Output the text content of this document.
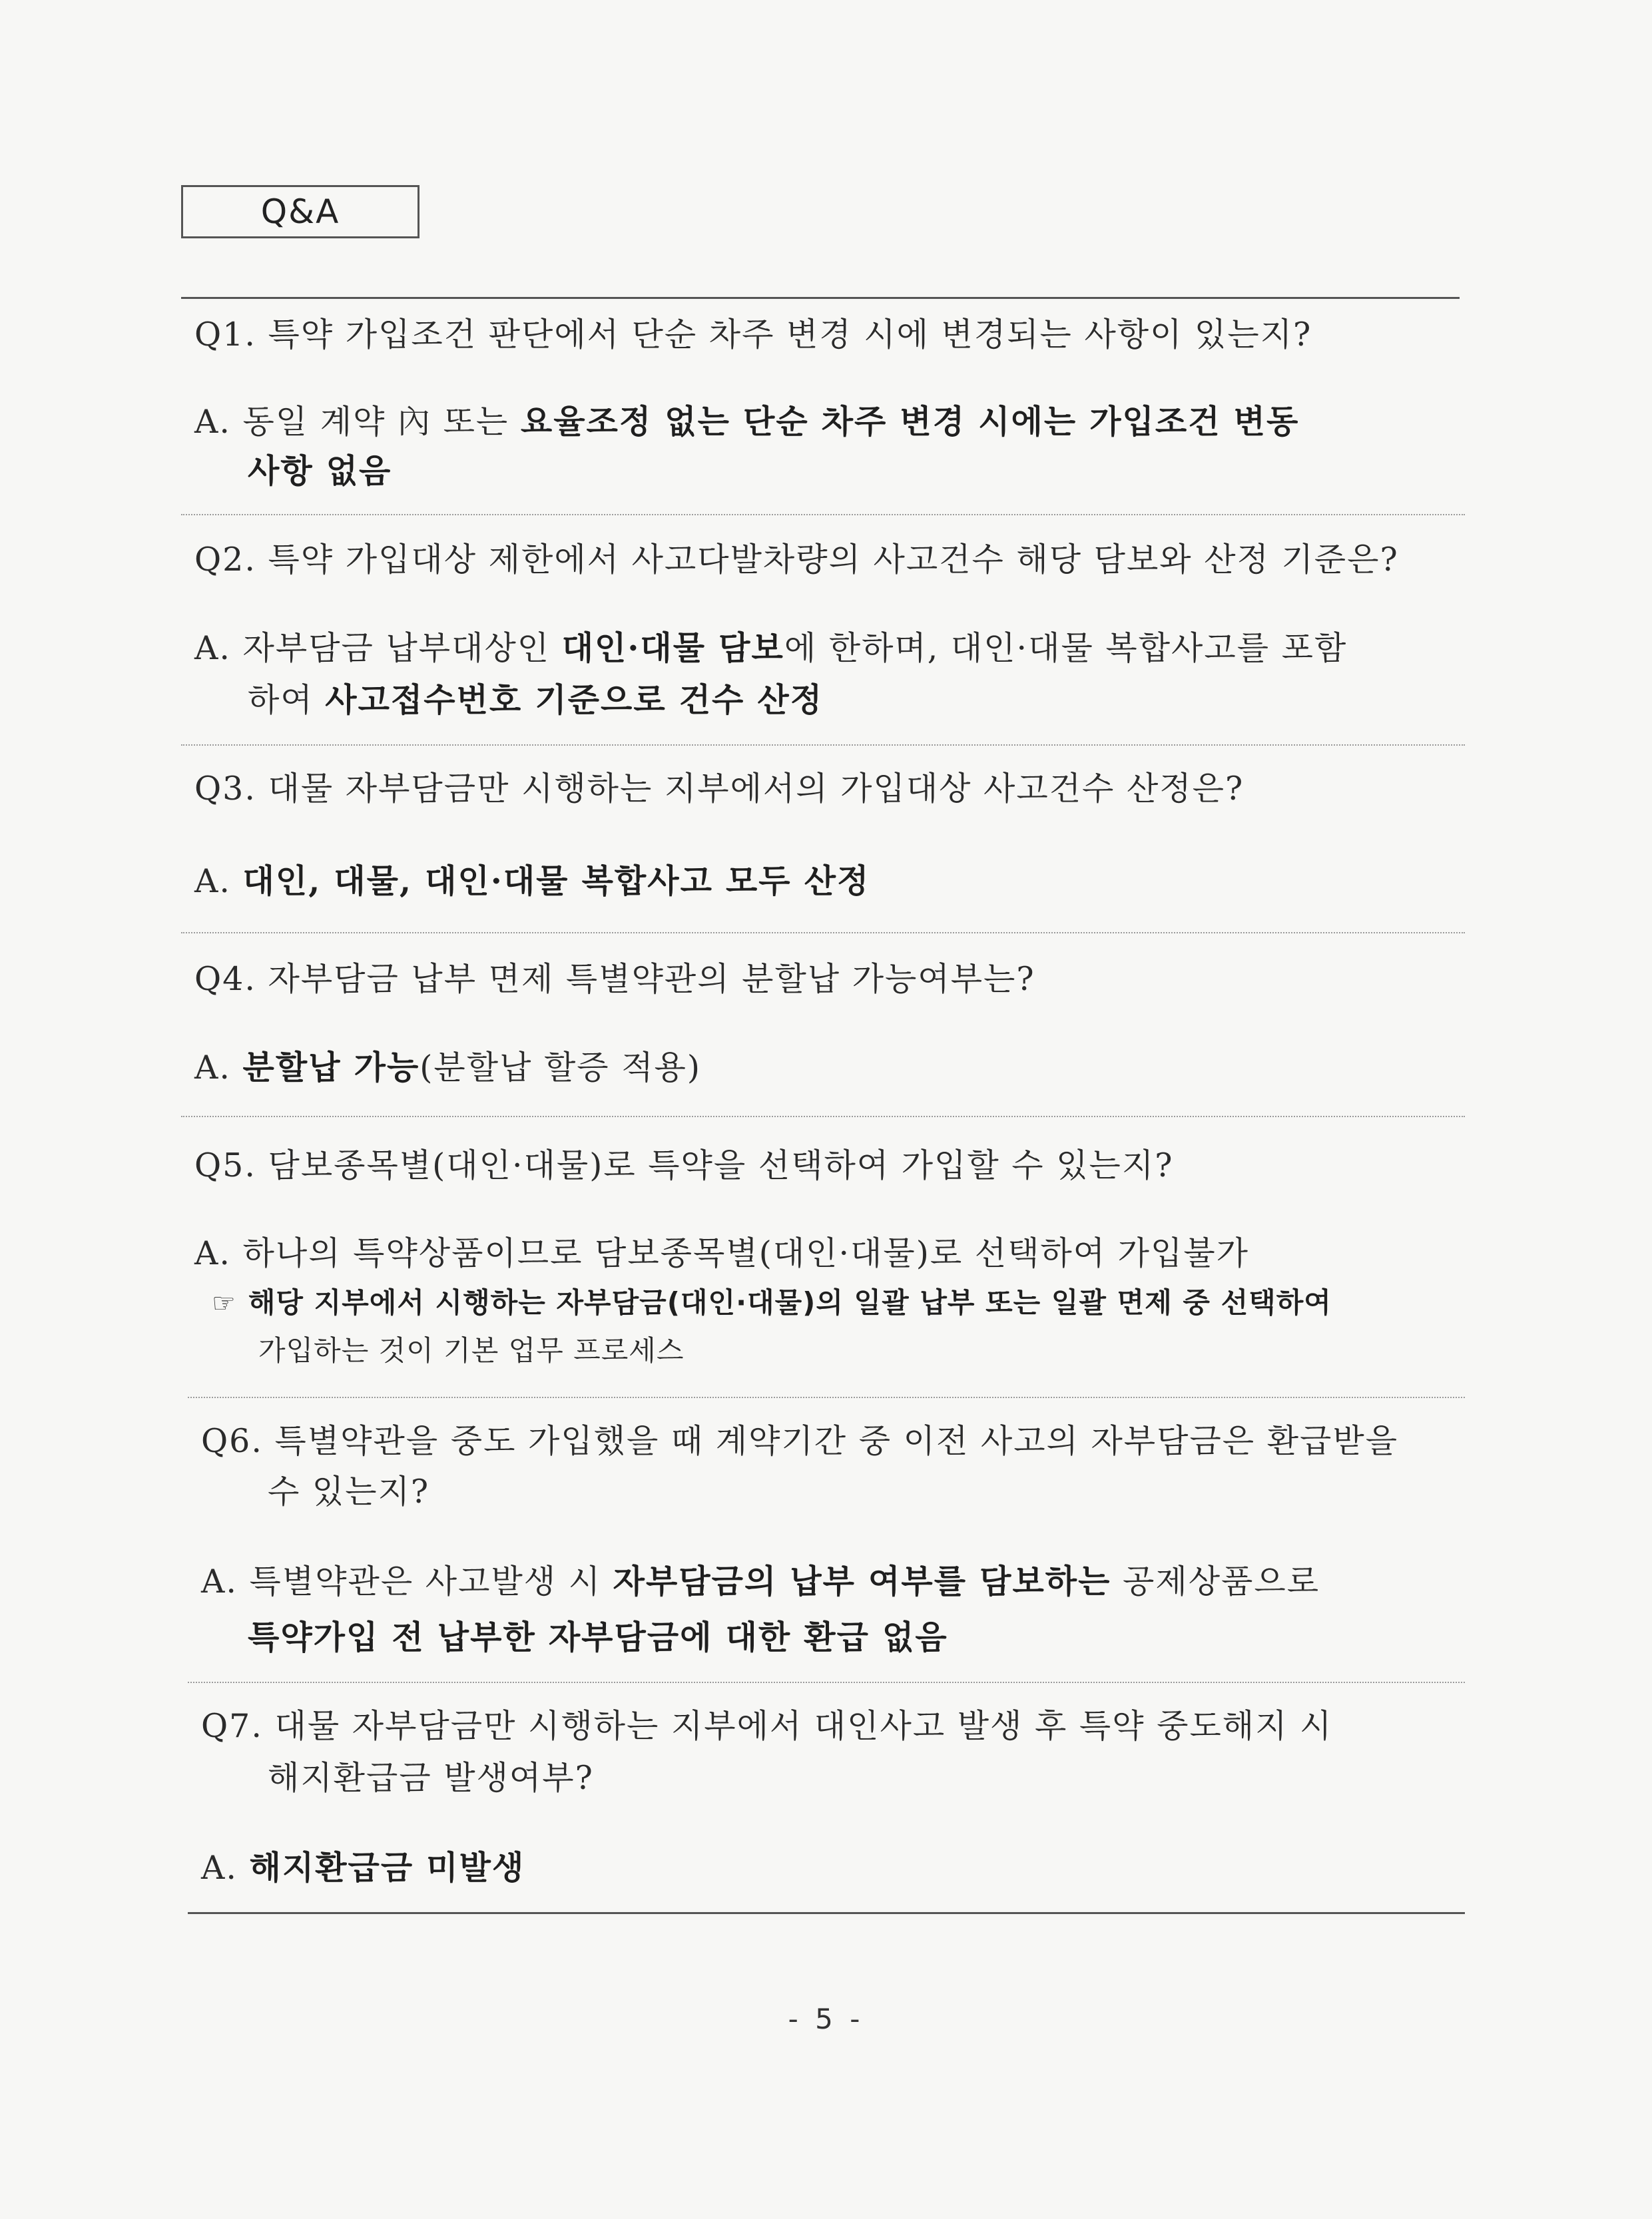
Q&A
Q1. 특약 가입조건 판단에서 단순 차주 변경 시에 변경되는 사항이 있는지?
A. 동일 계약 內 또는 요율조정 없는 단순 차주 변경 시에는 가입조건 변동
사항 없음
Q2. 특약 가입대상 제한에서 사고다발차량의 사고건수 해당 담보와 산정 기준은?
A. 자부담금 납부대상인 대인·대물 담보에 한하며, 대인·대물 복합사고를 포함
하여 사고접수번호 기준으로 건수 산정
Q3. 대물 자부담금만 시행하는 지부에서의 가입대상 사고건수 산정은?
A. 대인, 대물, 대인·대물 복합사고 모두 산정
Q4. 자부담금 납부 면제 특별약관의 분할납 가능여부는?
A. 분할납 가능(분할납 할증 적용)
Q5. 담보종목별(대인·대물)로 특약을 선택하여 가입할 수 있는지?
A. 하나의 특약상품이므로 담보종목별(대인·대물)로 선택하여 가입불가
☞ 해당 지부에서 시행하는 자부담금(대인·대물)의 일괄 납부 또는 일괄 면제 중 선택하여
가입하는 것이 기본 업무 프로세스
Q6. 특별약관을 중도 가입했을 때 계약기간 중 이전 사고의 자부담금은 환급받을
수 있는지?
A. 특별약관은 사고발생 시 자부담금의 납부 여부를 담보하는 공제상품으로
특약가입 전 납부한 자부담금에 대한 환급 없음
Q7. 대물 자부담금만 시행하는 지부에서 대인사고 발생 후 특약 중도해지 시
해지환급금 발생여부?
A. 해지환급금 미발생
- 5 -
